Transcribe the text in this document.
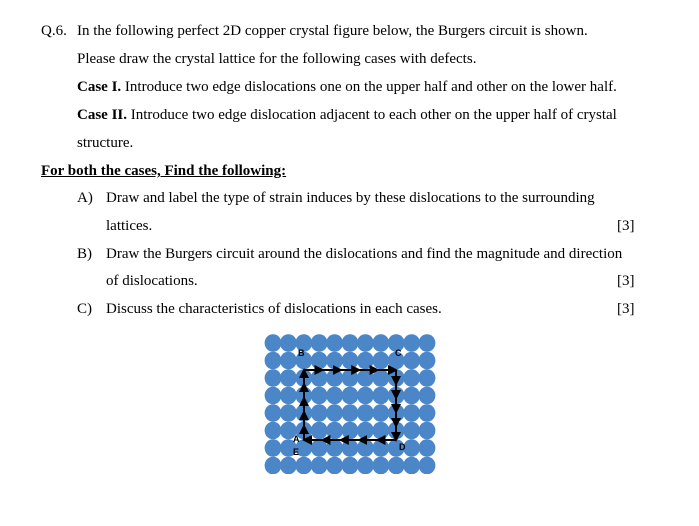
Q.6. In the following perfect 2D copper crystal figure below, the Burgers circuit is shown.
Please draw the crystal lattice for the following cases with defects.
Case I. Introduce two edge dislocations one on the upper half and other on the lower half.
Case II. Introduce two edge dislocation adjacent to each other on the upper half of crystal
structure.
For both the cases, Find the following:
A) Draw and label the type of strain induces by these dislocations to the surrounding
lattices.	[3]
B) Draw the Burgers circuit around the dislocations and find the magnitude and direction
of dislocations.	[3]
C) Discuss the characteristics of dislocations in each cases.	[3]
B	C
A
E	D
